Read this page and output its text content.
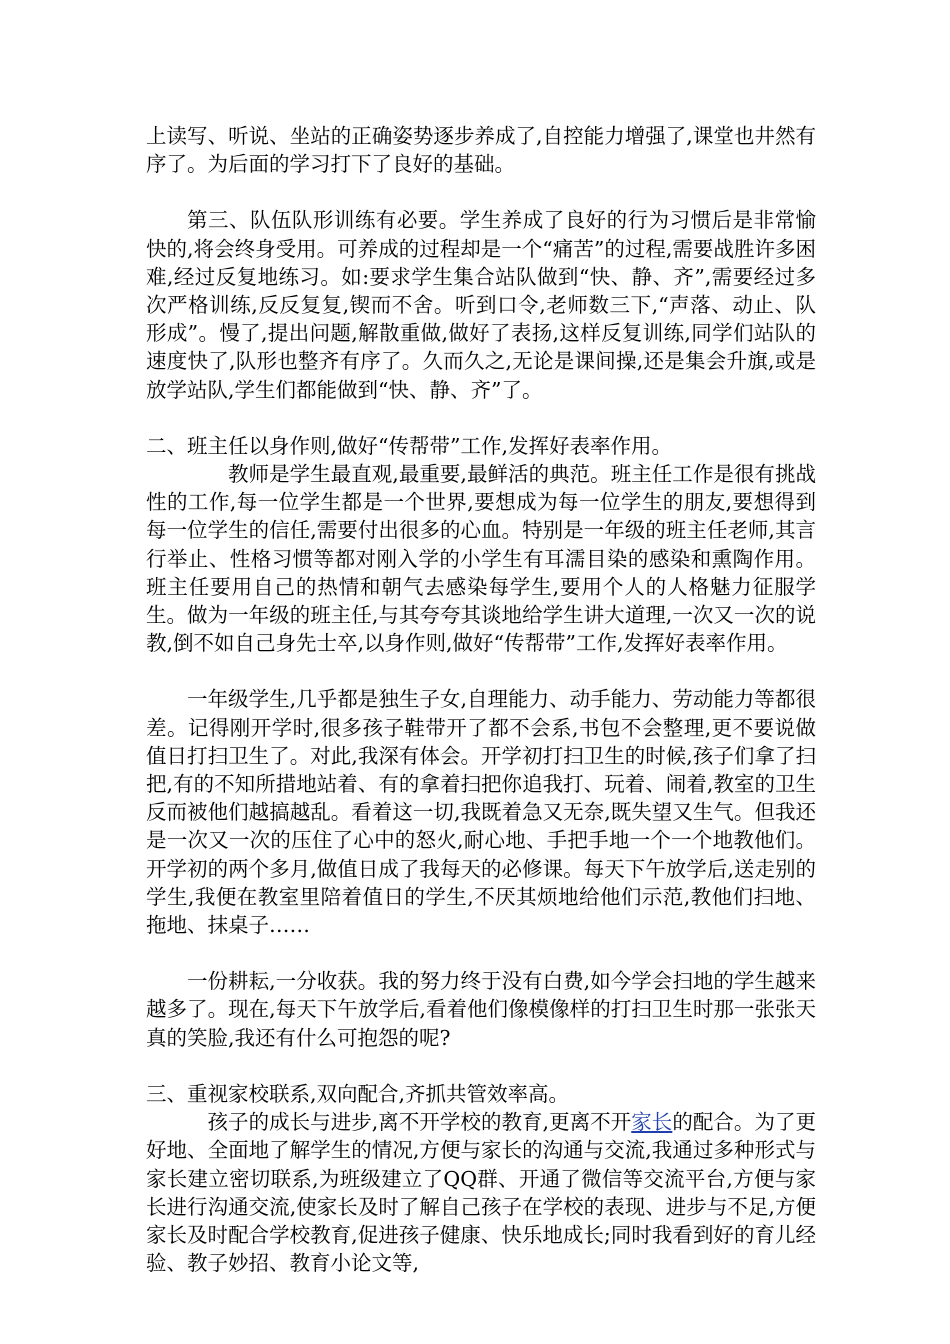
上读写、听说、坐站的正确姿势逐步养成了,自控能力增强了,课堂也井然有序了。为后面的学习打下了良好的基础。

第三、队伍队形训练有必要。学生养成了良好的行为习惯后是非常愉快的,将会终身受用。可养成的过程却是一个“痛苦”的过程,需要战胜许多困难,经过反复地练习。如:要求学生集合站队做到“快、静、齐”,需要经过多次严格训练,反反复复,锲而不舍。听到口令,老师数三下,“声落、动止、队形成”。慢了,提出问题,解散重做,做好了表扬,这样反复训练,同学们站队的速度快了,队形也整齐有序了。久而久之,无论是课间操,还是集会升旗,或是放学站队,学生们都能做到“快、静、齐”了。

二、班主任以身作则,做好“传帮带”工作,发挥好表率作用。

教师是学生最直观,最重要,最鲜活的典范。班主任工作是很有挑战性的工作,每一位学生都是一个世界,要想成为每一位学生的朋友,要想得到每一位学生的信任,需要付出很多的心血。特别是一年级的班主任老师,其言行举止、性格习惯等都对刚入学的小学生有耳濡目染的感染和熏陶作用。班主任要用自己的热情和朝气去感染每学生,要用个人的人格魅力征服学生。做为一年级的班主任,与其夸夸其谈地给学生讲大道理,一次又一次的说教,倒不如自己身先士卒,以身作则,做好“传帮带”工作,发挥好表率作用。

一年级学生,几乎都是独生子女,自理能力、动手能力、劳动能力等都很差。记得刚开学时,很多孩子鞋带开了都不会系,书包不会整理,更不要说做值日打扫卫生了。对此,我深有体会。开学初打扫卫生的时候,孩子们拿了扫把,有的不知所措地站着、有的拿着扫把你追我打、玩着、闹着,教室的卫生反而被他们越搞越乱。看着这一切,我既着急又无奈,既失望又生气。但我还是一次又一次的压住了心中的怒火,耐心地、手把手地一个一个地教他们。开学初的两个多月,做值日成了我每天的必修课。每天下午放学后,送走别的学生,我便在教室里陪着值日的学生,不厌其烦地给他们示范,教他们扫地、拖地、抹桌子……

一份耕耘,一分收获。我的努力终于没有白费,如今学会扫地的学生越来越多了。现在,每天下午放学后,看着他们像模像样的打扫卫生时那一张张天真的笑脸,我还有什么可抱怨的呢?

三、重视家校联系,双向配合,齐抓共管效率高。

孩子的成长与进步,离不开学校的教育,更离不开家长的配合。为了更好地、全面地了解学生的情况,方便与家长的沟通与交流,我通过多种形式与家长建立密切联系,为班级建立了QQ群、开通了微信等交流平台,方便与家长进行沟通交流,使家长及时了解自己孩子在学校的表现、进步与不足,方便家长及时配合学校教育,促进孩子健康、快乐地成长;同时我看到好的育儿经验、教子妙招、教育小论文等,
